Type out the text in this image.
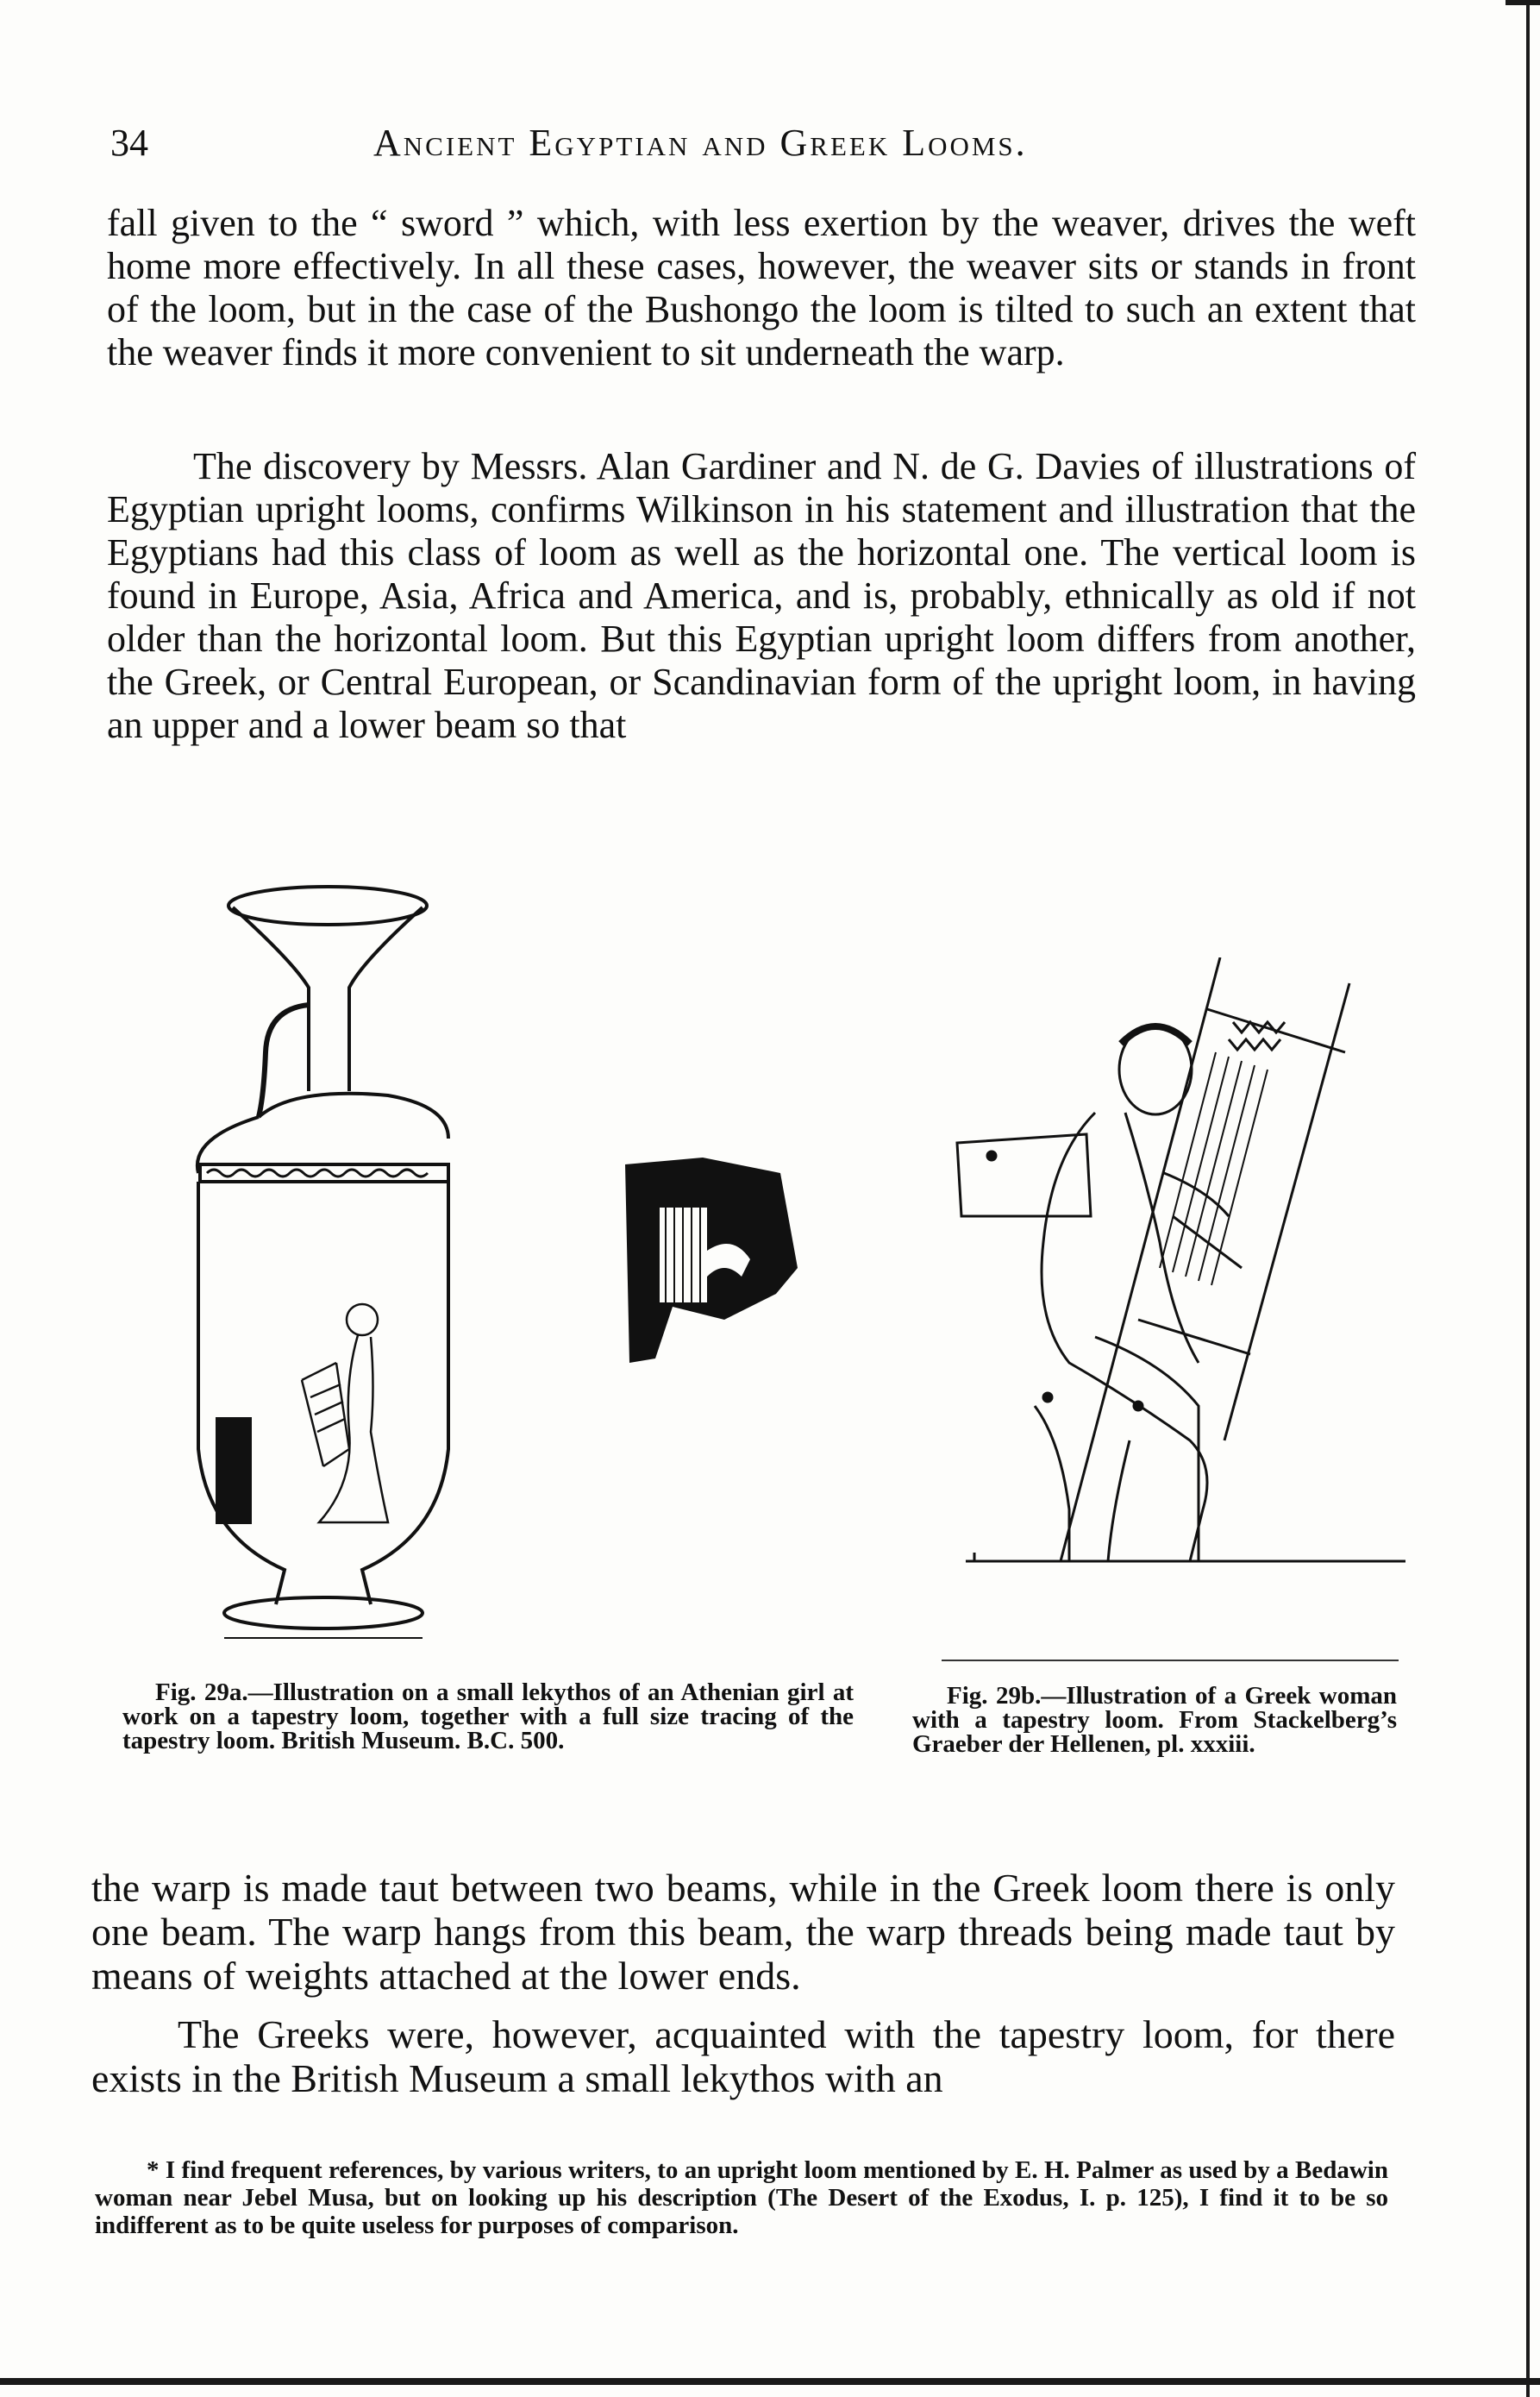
34	Ancient Egyptian and Greek Looms.

fall given to the “ sword ” which, with less exertion by the weaver, drives the weft home more effectively. In all these cases, however, the weaver sits or stands in front of the loom, but in the case of the Bushongo the loom is tilted to such an extent that the weaver finds it more convenient to sit underneath the warp.

The discovery by Messrs. Alan Gardiner and N. de G. Davies of illustrations of Egyptian upright looms, confirms Wilkinson in his statement and illustration that the Egyptians had this class of loom as well as the horizontal one. The vertical loom is found in Europe, Asia, Africa and America, and is, probably, ethnically as old if not older than the horizontal loom. But this Egyptian upright loom differs from another, the Greek, or Central European, or Scandinavian form of the upright loom, in having an upper and a lower beam so that

Fig. 29a.—Illustration on a small lekythos of an Athenian girl at work on a tapestry loom, together with a full size tracing of the tapestry loom. British Museum. B.C. 500.

Fig. 29b.—Illustration of a Greek woman with a tapestry loom. From Stackelberg’s Graeber der Hellenen, pl. xxxiii.

the warp is made taut between two beams, while in the Greek loom there is only one beam. The warp hangs from this beam, the warp threads being made taut by means of weights attached at the lower ends.

The Greeks were, however, acquainted with the tapestry loom, for there exists in the British Museum a small lekythos with an

* I find frequent references, by various writers, to an upright loom mentioned by E. H. Palmer as used by a Bedawin woman near Jebel Musa, but on looking up his description (The Desert of the Exodus, I. p. 125), I find it to be so indifferent as to be quite useless for purposes of comparison.
